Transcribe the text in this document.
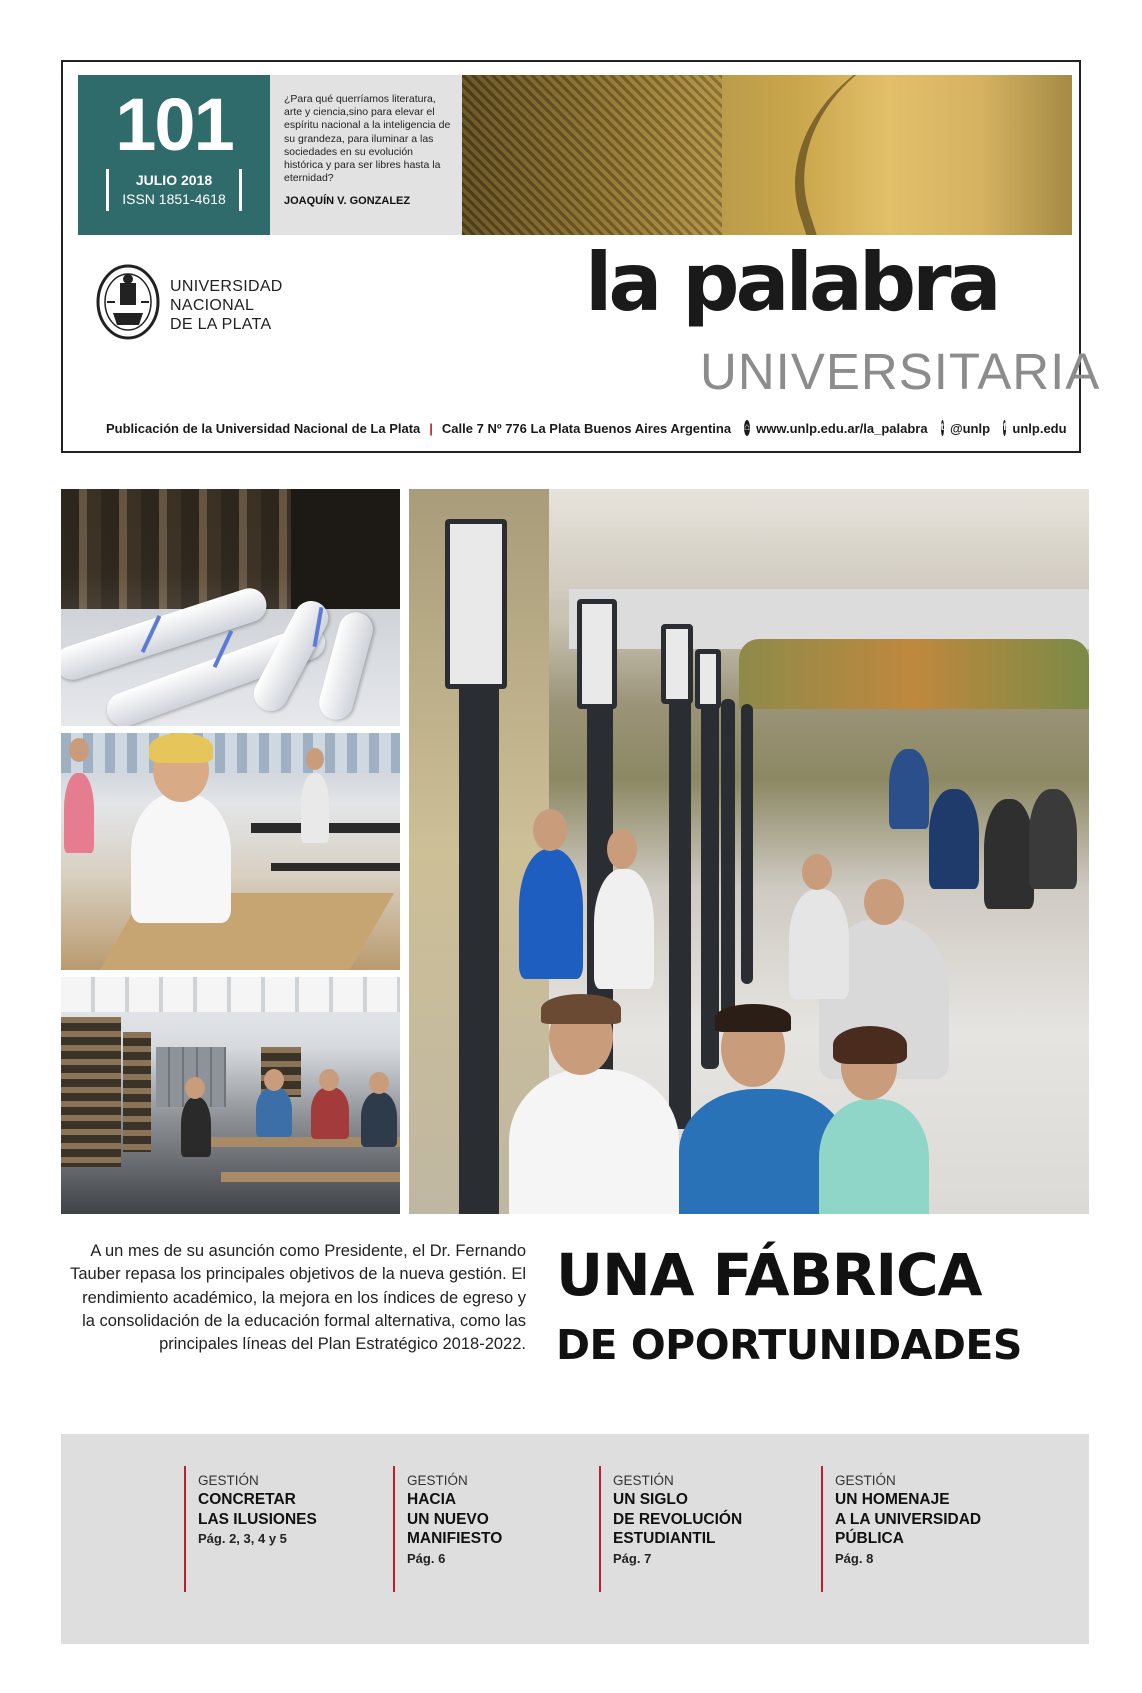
101
JULIO 2018
ISSN 1851-4618
¿Para qué querríamos literatura, arte y ciencia,sino para elevar el espíritu nacional a la inteligencia de su grandeza, para iluminar a las sociedades en su evolución histórica y para ser libres hasta la eternidad?
JOAQUÍN V. GONZALEZ
UNIVERSIDAD
NACIONAL
DE LA PLATA	la palabra
UNIVERSITARIA
Publicación de la Universidad Nacional de La Plata | Calle 7 Nº 776 La Plata Buenos Aires Argentina ⌂ www.unlp.edu.ar/la_palabra t @unlp f unlp.edu
A un mes de su asunción como Presidente, el Dr. Fernando Tauber repasa los principales objetivos de la nueva gestión. El rendimiento académico, la mejora en los índices de egreso y la consolidación de la educación formal alternativa, como las principales líneas del Plan Estratégico 2018-2022.
UNA FÁBRICA
DE OPORTUNIDADES
GESTIÓN
CONCRETAR
LAS ILUSIONES
Pág. 2, 3, 4 y 5
GESTIÓN
HACIA
UN NUEVO
MANIFIESTO
Pág. 6
GESTIÓN
UN SIGLO
DE REVOLUCIÓN
ESTUDIANTIL
Pág. 7
GESTIÓN
UN HOMENAJE
A LA UNIVERSIDAD
PÚBLICA
Pág. 8
